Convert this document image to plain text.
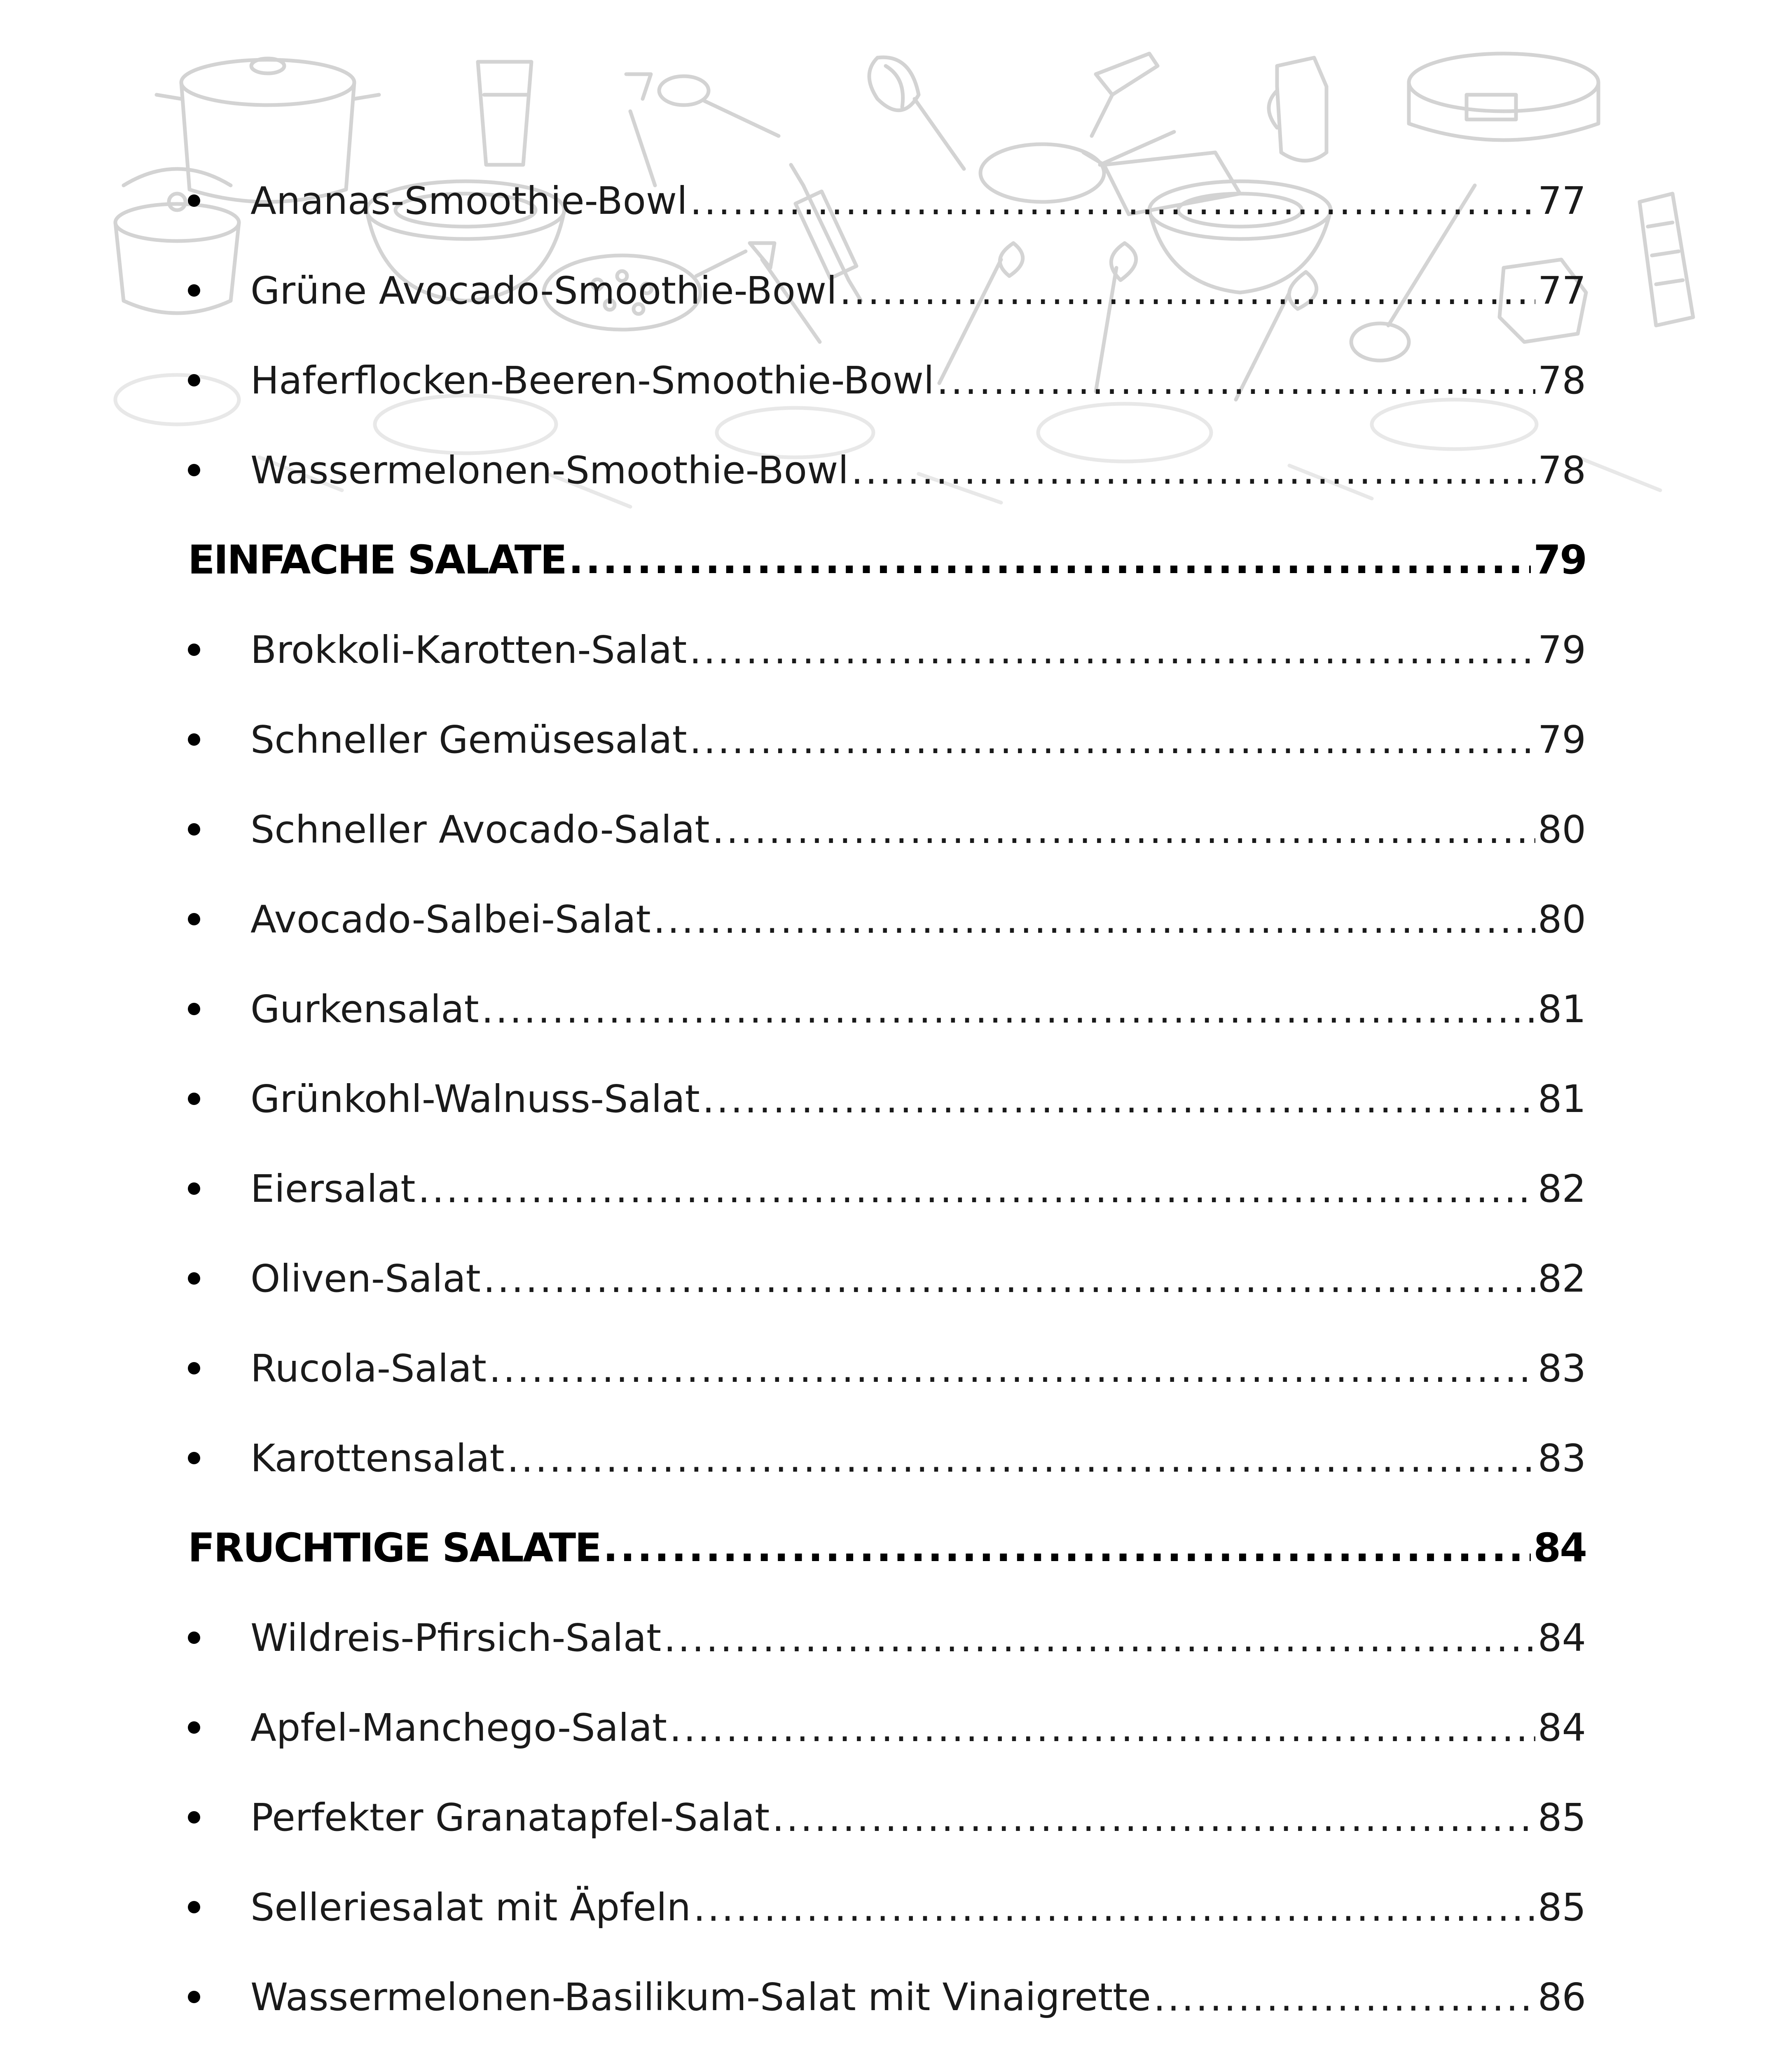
Ananas-Smoothie-Bowl .....	77
Grüne Avocado-Smoothie-Bowl .....	77
Haferflocken-Beeren-Smoothie-Bowl .....	78
Wassermelonen-Smoothie-Bowl .....	78
EINFACHE SALATE .....	79
Brokkoli-Karotten-Salat .....	79
Schneller Gemüsesalat .....	79
Schneller Avocado-Salat .....	80
Avocado-Salbei-Salat .....	80
Gurkensalat .....	81
Grünkohl-Walnuss-Salat .....	81
Eiersalat .....	82
Oliven-Salat .....	82
Rucola-Salat .....	83
Karottensalat .....	83
FRUCHTIGE SALATE .....	84
Wildreis-Pfirsich-Salat .....	84
Apfel-Manchego-Salat .....	84
Perfekter Granatapfel-Salat .....	85
Selleriesalat mit Äpfeln .....	85
Wassermelonen-Basilikum-Salat mit Vinaigrette .....	86
